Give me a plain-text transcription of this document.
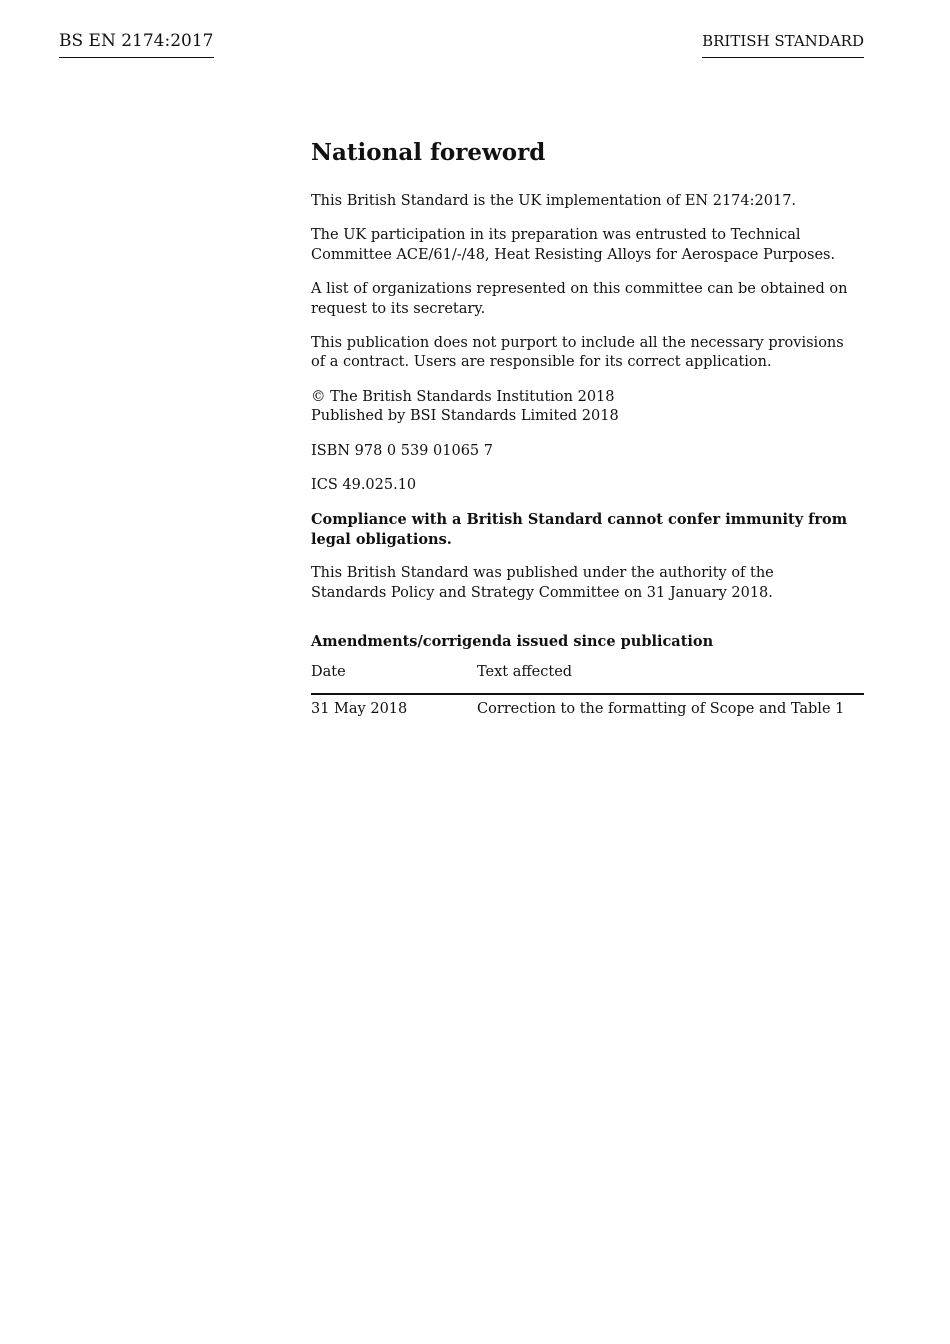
BS EN 2174:2017	BRITISH STANDARD
National foreword

This British Standard is the UK implementation of EN 2174:2017.

The UK participation in its preparation was entrusted to Technical
Committee ACE/61/-/48, Heat Resisting Alloys for Aerospace Purposes.

A list of organizations represented on this committee can be obtained on
request to its secretary.

This publication does not purport to include all the necessary provisions
of a contract. Users are responsible for its correct application.

© The British Standards Institution 2018
Published by BSI Standards Limited 2018

ISBN 978 0 539 01065 7

ICS 49.025.10

Compliance with a British Standard cannot confer immunity from
legal obligations.

This British Standard was published under the authority of the
Standards Policy and Strategy Committee on 31 January 2018.

Amendments/corrigenda issued since publication
Date	Text affected
31 May 2018	Correction to the formatting of Scope and Table 1
